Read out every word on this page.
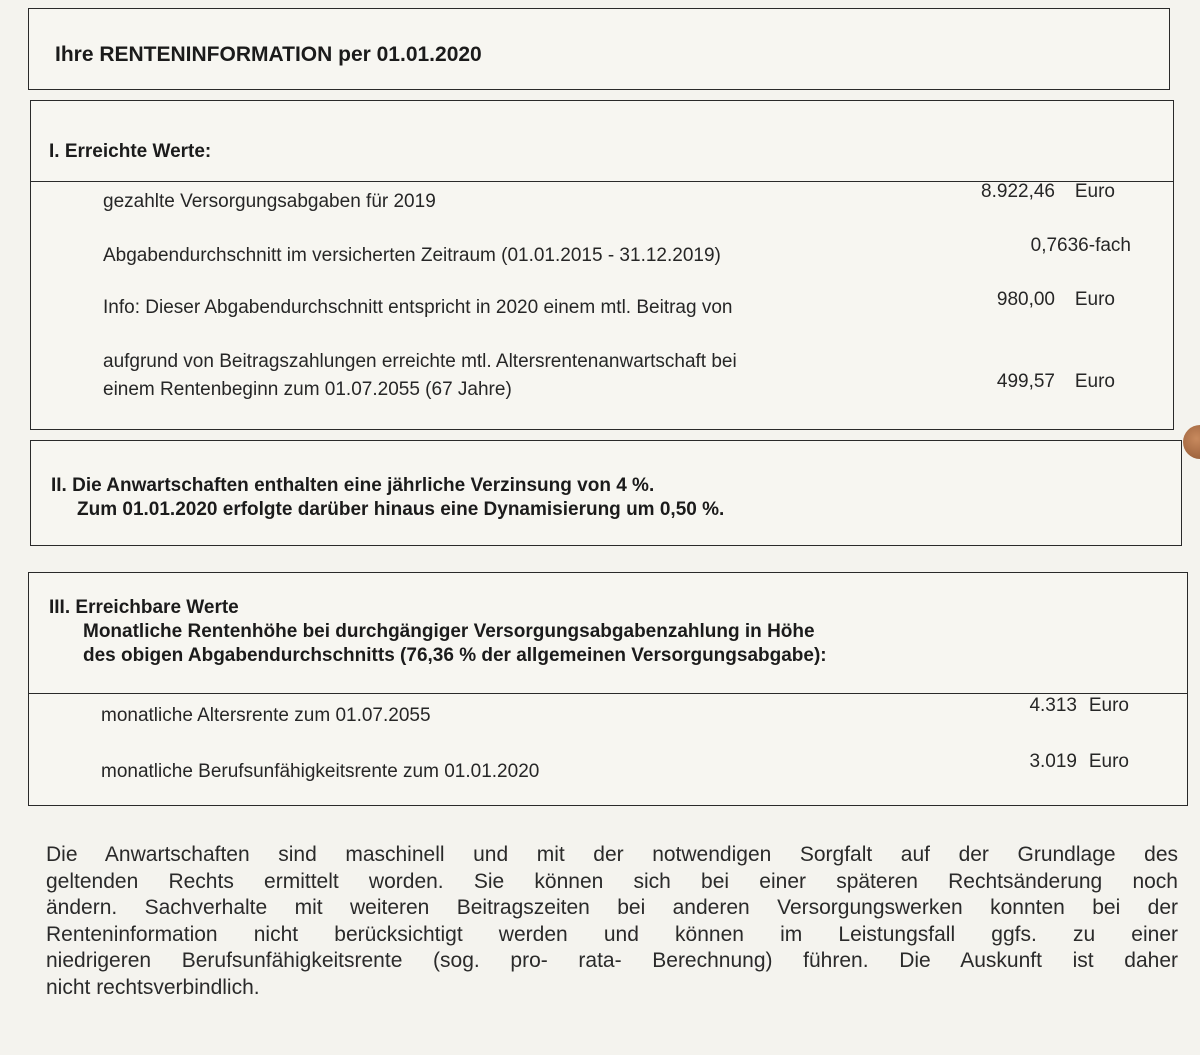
Ihre RENTENINFORMATION per 01.01.2020
I. Erreichte Werte:
gezahlte Versorgungsabgaben für 2019	8.922,46 Euro
Abgabendurchschnitt im versicherten Zeitraum (01.01.2015 - 31.12.2019)	0,7636-fach
Info: Dieser Abgabendurchschnitt entspricht in 2020 einem mtl. Beitrag von	980,00 Euro
aufgrund von Beitragszahlungen erreichte mtl. Altersrentenanwartschaft bei
einem Rentenbeginn zum 01.07.2055 (67 Jahre)	499,57 Euro
II. Die Anwartschaften enthalten eine jährliche Verzinsung von 4 %.
Zum 01.01.2020 erfolgte darüber hinaus eine Dynamisierung um 0,50 %.
III. Erreichbare Werte
Monatliche Rentenhöhe bei durchgängiger Versorgungsabgabenzahlung in Höhe
des obigen Abgabendurchschnitts (76,36 % der allgemeinen Versorgungsabgabe):
monatliche Altersrente zum 01.07.2055	4.313 Euro
monatliche Berufsunfähigkeitsrente zum 01.01.2020	3.019 Euro
Die Anwartschaften sind maschinell und mit der notwendigen Sorgfalt auf der Grundlage des
geltenden Rechts ermittelt worden. Sie können sich bei einer späteren Rechtsänderung noch
ändern. Sachverhalte mit weiteren Beitragszeiten bei anderen Versorgungswerken konnten bei der
Renteninformation nicht berücksichtigt werden und können im Leistungsfall ggfs. zu einer
niedrigeren Berufsunfähigkeitsrente (sog. pro- rata- Berechnung) führen. Die Auskunft ist daher
nicht rechtsverbindlich.
